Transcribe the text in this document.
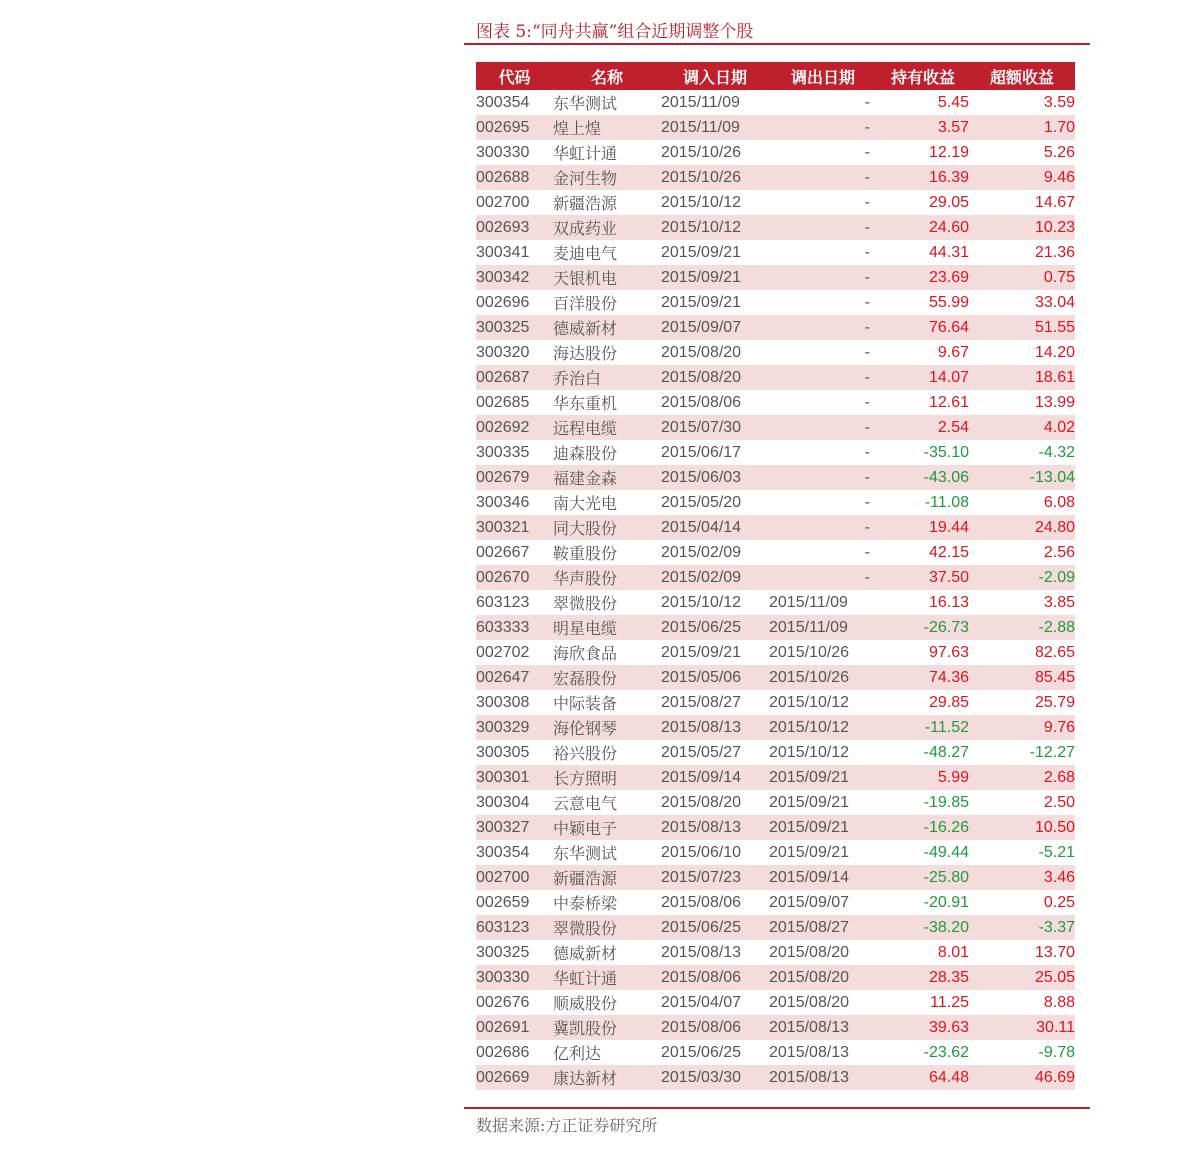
图表 5:“同舟共赢”组合近期调整个股
代码	名称	调入日期	调出日期	持有收益	超额收益
300354	东华测试	2015/11/09	-	5.45	3.59
002695	煌上煌	2015/11/09	-	3.57	1.70
300330	华虹计通	2015/10/26	-	12.19	5.26
002688	金河生物	2015/10/26	-	16.39	9.46
002700	新疆浩源	2015/10/12	-	29.05	14.67
002693	双成药业	2015/10/12	-	24.60	10.23
300341	麦迪电气	2015/09/21	-	44.31	21.36
300342	天银机电	2015/09/21	-	23.69	0.75
002696	百洋股份	2015/09/21	-	55.99	33.04
300325	德威新材	2015/09/07	-	76.64	51.55
300320	海达股份	2015/08/20	-	9.67	14.20
002687	乔治白	2015/08/20	-	14.07	18.61
002685	华东重机	2015/08/06	-	12.61	13.99
002692	远程电缆	2015/07/30	-	2.54	4.02
300335	迪森股份	2015/06/17	-	-35.10	-4.32
002679	福建金森	2015/06/03	-	-43.06	-13.04
300346	南大光电	2015/05/20	-	-11.08	6.08
300321	同大股份	2015/04/14	-	19.44	24.80
002667	鞍重股份	2015/02/09	-	42.15	2.56
002670	华声股份	2015/02/09	-	37.50	-2.09
603123	翠微股份	2015/10/12	2015/11/09	16.13	3.85
603333	明星电缆	2015/06/25	2015/11/09	-26.73	-2.88
002702	海欣食品	2015/09/21	2015/10/26	97.63	82.65
002647	宏磊股份	2015/05/06	2015/10/26	74.36	85.45
300308	中际装备	2015/08/27	2015/10/12	29.85	25.79
300329	海伦钢琴	2015/08/13	2015/10/12	-11.52	9.76
300305	裕兴股份	2015/05/27	2015/10/12	-48.27	-12.27
300301	长方照明	2015/09/14	2015/09/21	5.99	2.68
300304	云意电气	2015/08/20	2015/09/21	-19.85	2.50
300327	中颖电子	2015/08/13	2015/09/21	-16.26	10.50
300354	东华测试	2015/06/10	2015/09/21	-49.44	-5.21
002700	新疆浩源	2015/07/23	2015/09/14	-25.80	3.46
002659	中泰桥梁	2015/08/06	2015/09/07	-20.91	0.25
603123	翠微股份	2015/06/25	2015/08/27	-38.20	-3.37
300325	德威新材	2015/08/13	2015/08/20	8.01	13.70
300330	华虹计通	2015/08/06	2015/08/20	28.35	25.05
002676	顺威股份	2015/04/07	2015/08/20	11.25	8.88
002691	冀凯股份	2015/08/06	2015/08/13	39.63	30.11
002686	亿利达	2015/06/25	2015/08/13	-23.62	-9.78
002669	康达新材	2015/03/30	2015/08/13	64.48	46.69
数据来源:方正证券研究所
